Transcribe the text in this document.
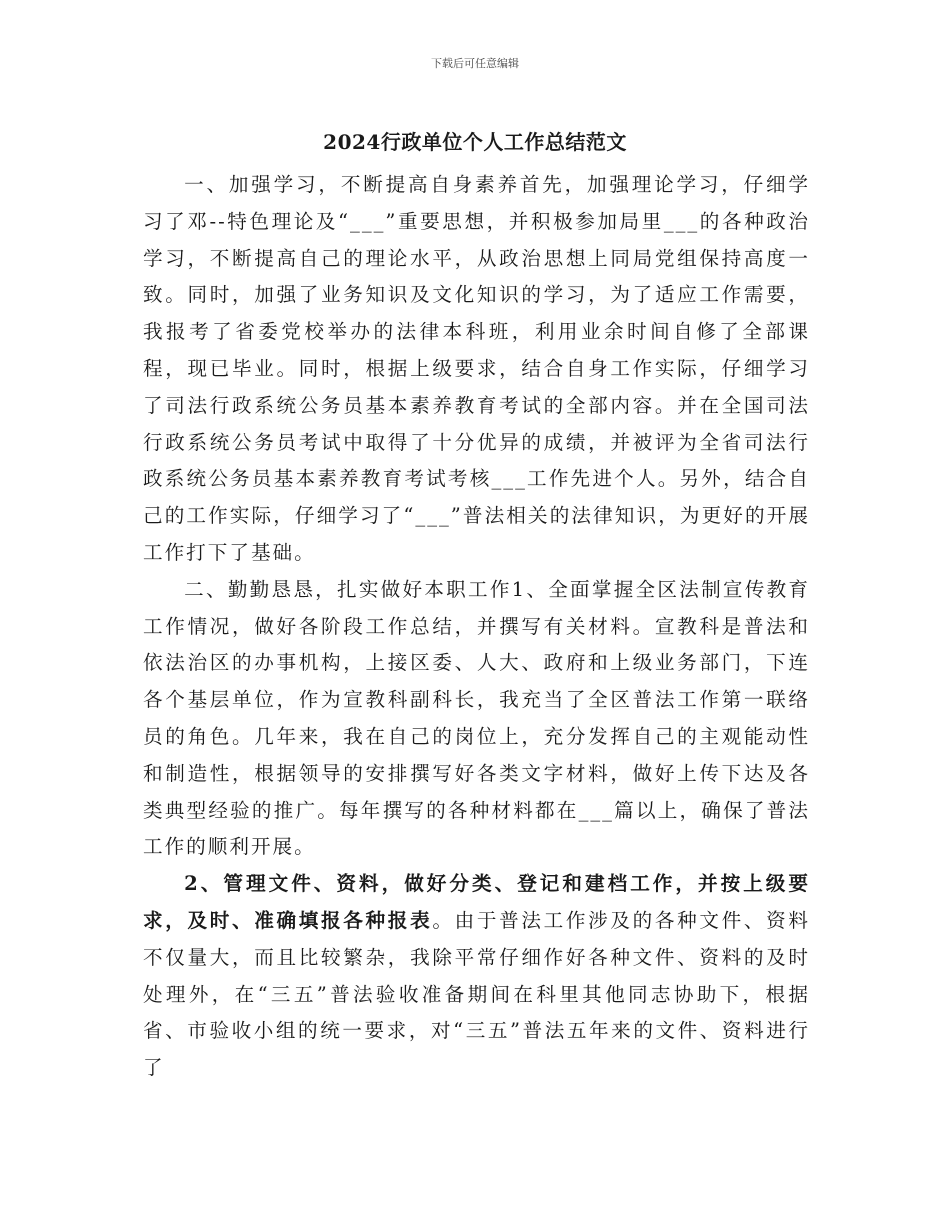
下载后可任意编辑
2024行政单位个人工作总结范文

一、加强学习，不断提高自身素养首先，加强理论学习，仔细学习了邓--特色理论及“___”重要思想，并积极参加局里___的各种政治学习，不断提高自己的理论水平，从政治思想上同局党组保持高度一致。同时，加强了业务知识及文化知识的学习，为了适应工作需要，我报考了省委党校举办的法律本科班，利用业余时间自修了全部课程，现已毕业。同时，根据上级要求，结合自身工作实际，仔细学习了司法行政系统公务员基本素养教育考试的全部内容。并在全国司法行政系统公务员考试中取得了十分优异的成绩，并被评为全省司法行政系统公务员基本素养教育考试考核___工作先进个人。另外，结合自己的工作实际，仔细学习了“___”普法相关的法律知识，为更好的开展工作打下了基础。

二、勤勤恳恳，扎实做好本职工作1、全面掌握全区法制宣传教育工作情况，做好各阶段工作总结，并撰写有关材料。宣教科是普法和依法治区的办事机构，上接区委、人大、政府和上级业务部门，下连各个基层单位，作为宣教科副科长，我充当了全区普法工作第一联络员的角色。几年来，我在自己的岗位上，充分发挥自己的主观能动性和制造性，根据领导的安排撰写好各类文字材料，做好上传下达及各类典型经验的推广。每年撰写的各种材料都在___篇以上，确保了普法工作的顺利开展。

2、管理文件、资料，做好分类、登记和建档工作，并按上级要求，及时、准确填报各种报表。由于普法工作涉及的各种文件、资料不仅量大，而且比较繁杂，我除平常仔细作好各种文件、资料的及时处理外，在“三五”普法验收准备期间在科里其他同志协助下，根据省、市验收小组的统一要求，对“三五”普法五年来的文件、资料进行了
